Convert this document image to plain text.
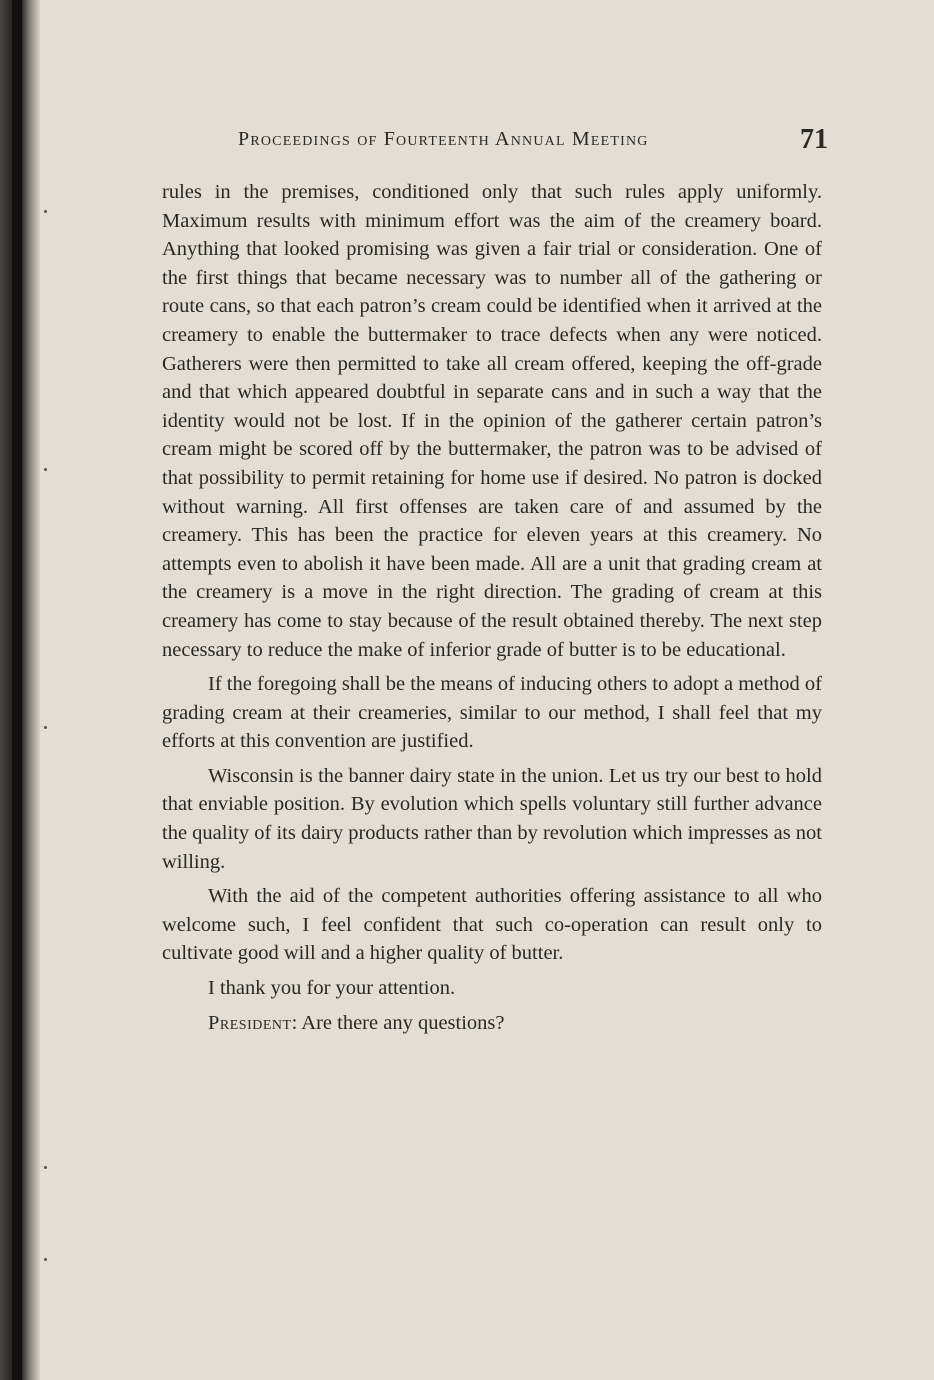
Proceedings of Fourteenth Annual Meeting	71

rules in the premises, conditioned only that such rules apply uniformly. Maximum results with minimum effort was the aim of the creamery board. Anything that looked promising was given a fair trial or consideration. One of the first things that became necessary was to number all of the gathering or route cans, so that each patron’s cream could be identified when it arrived at the creamery to enable the buttermaker to trace defects when any were noticed. Gatherers were then permitted to take all cream offered, keeping the off-grade and that which appeared doubtful in separate cans and in such a way that the identity would not be lost. If in the opinion of the gatherer certain patron’s cream might be scored off by the buttermaker, the patron was to be advised of that possibility to permit retaining for home use if desired. No patron is docked without warning. All first offenses are taken care of and assumed by the creamery. This has been the practice for eleven years at this creamery. No attempts even to abolish it have been made. All are a unit that grading cream at the creamery is a move in the right direction. The grading of cream at this creamery has come to stay because of the result obtained thereby. The next step necessary to reduce the make of inferior grade of butter is to be educational.

If the foregoing shall be the means of inducing others to adopt a method of grading cream at their creameries, similar to our method, I shall feel that my efforts at this convention are justified.

Wisconsin is the banner dairy state in the union. Let us try our best to hold that enviable position. By evolution which spells voluntary still further advance the quality of its dairy products rather than by revolution which impresses as not willing.

With the aid of the competent authorities offering assistance to all who welcome such, I feel confident that such co-operation can result only to cultivate good will and a higher quality of butter.

I thank you for your attention.

President: Are there any questions?
